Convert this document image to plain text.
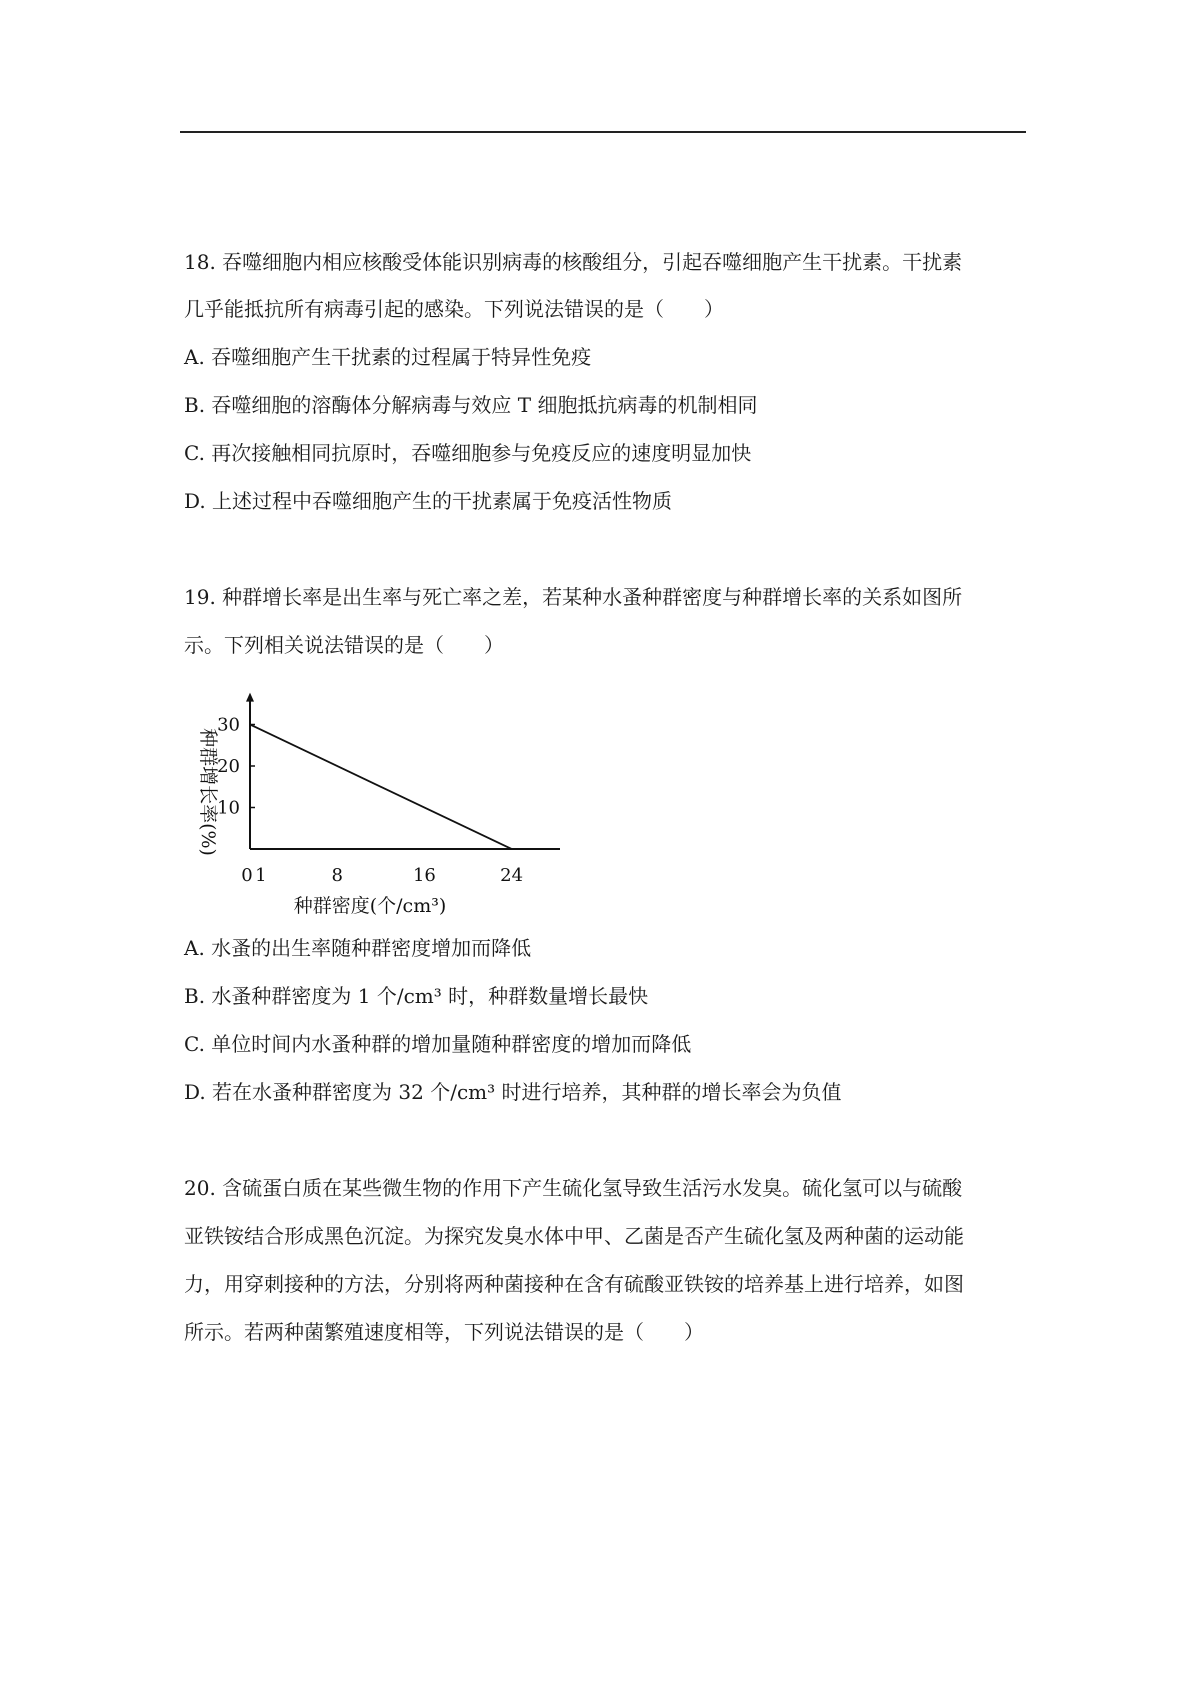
18. 吞噬细胞内相应核酸受体能识别病毒的核酸组分，引起吞噬细胞产生干扰素。干扰素
几乎能抵抗所有病毒引起的感染。下列说法错误的是（　　）
A. 吞噬细胞产生干扰素的过程属于特异性免疫
B. 吞噬细胞的溶酶体分解病毒与效应 T 细胞抵抗病毒的机制相同
C. 再次接触相同抗原时，吞噬细胞参与免疫反应的速度明显加快
D. 上述过程中吞噬细胞产生的干扰素属于免疫活性物质
19. 种群增长率是出生率与死亡率之差，若某种水蚤种群密度与种群增长率的关系如图所
示。下列相关说法错误的是（　　）
0 1	8	16	24
10
20
30
种群密度(个/cm³)
种群增长率(%)
A. 水蚤的出生率随种群密度增加而降低
B. 水蚤种群密度为 1 个/cm³ 时，种群数量增长最快
C. 单位时间内水蚤种群的增加量随种群密度的增加而降低
D. 若在水蚤种群密度为 32 个/cm³ 时进行培养，其种群的增长率会为负值
20. 含硫蛋白质在某些微生物的作用下产生硫化氢导致生活污水发臭。硫化氢可以与硫酸
亚铁铵结合形成黑色沉淀。为探究发臭水体中甲、乙菌是否产生硫化氢及两种菌的运动能
力，用穿刺接种的方法，分别将两种菌接种在含有硫酸亚铁铵的培养基上进行培养，如图
所示。若两种菌繁殖速度相等，下列说法错误的是（　　）
